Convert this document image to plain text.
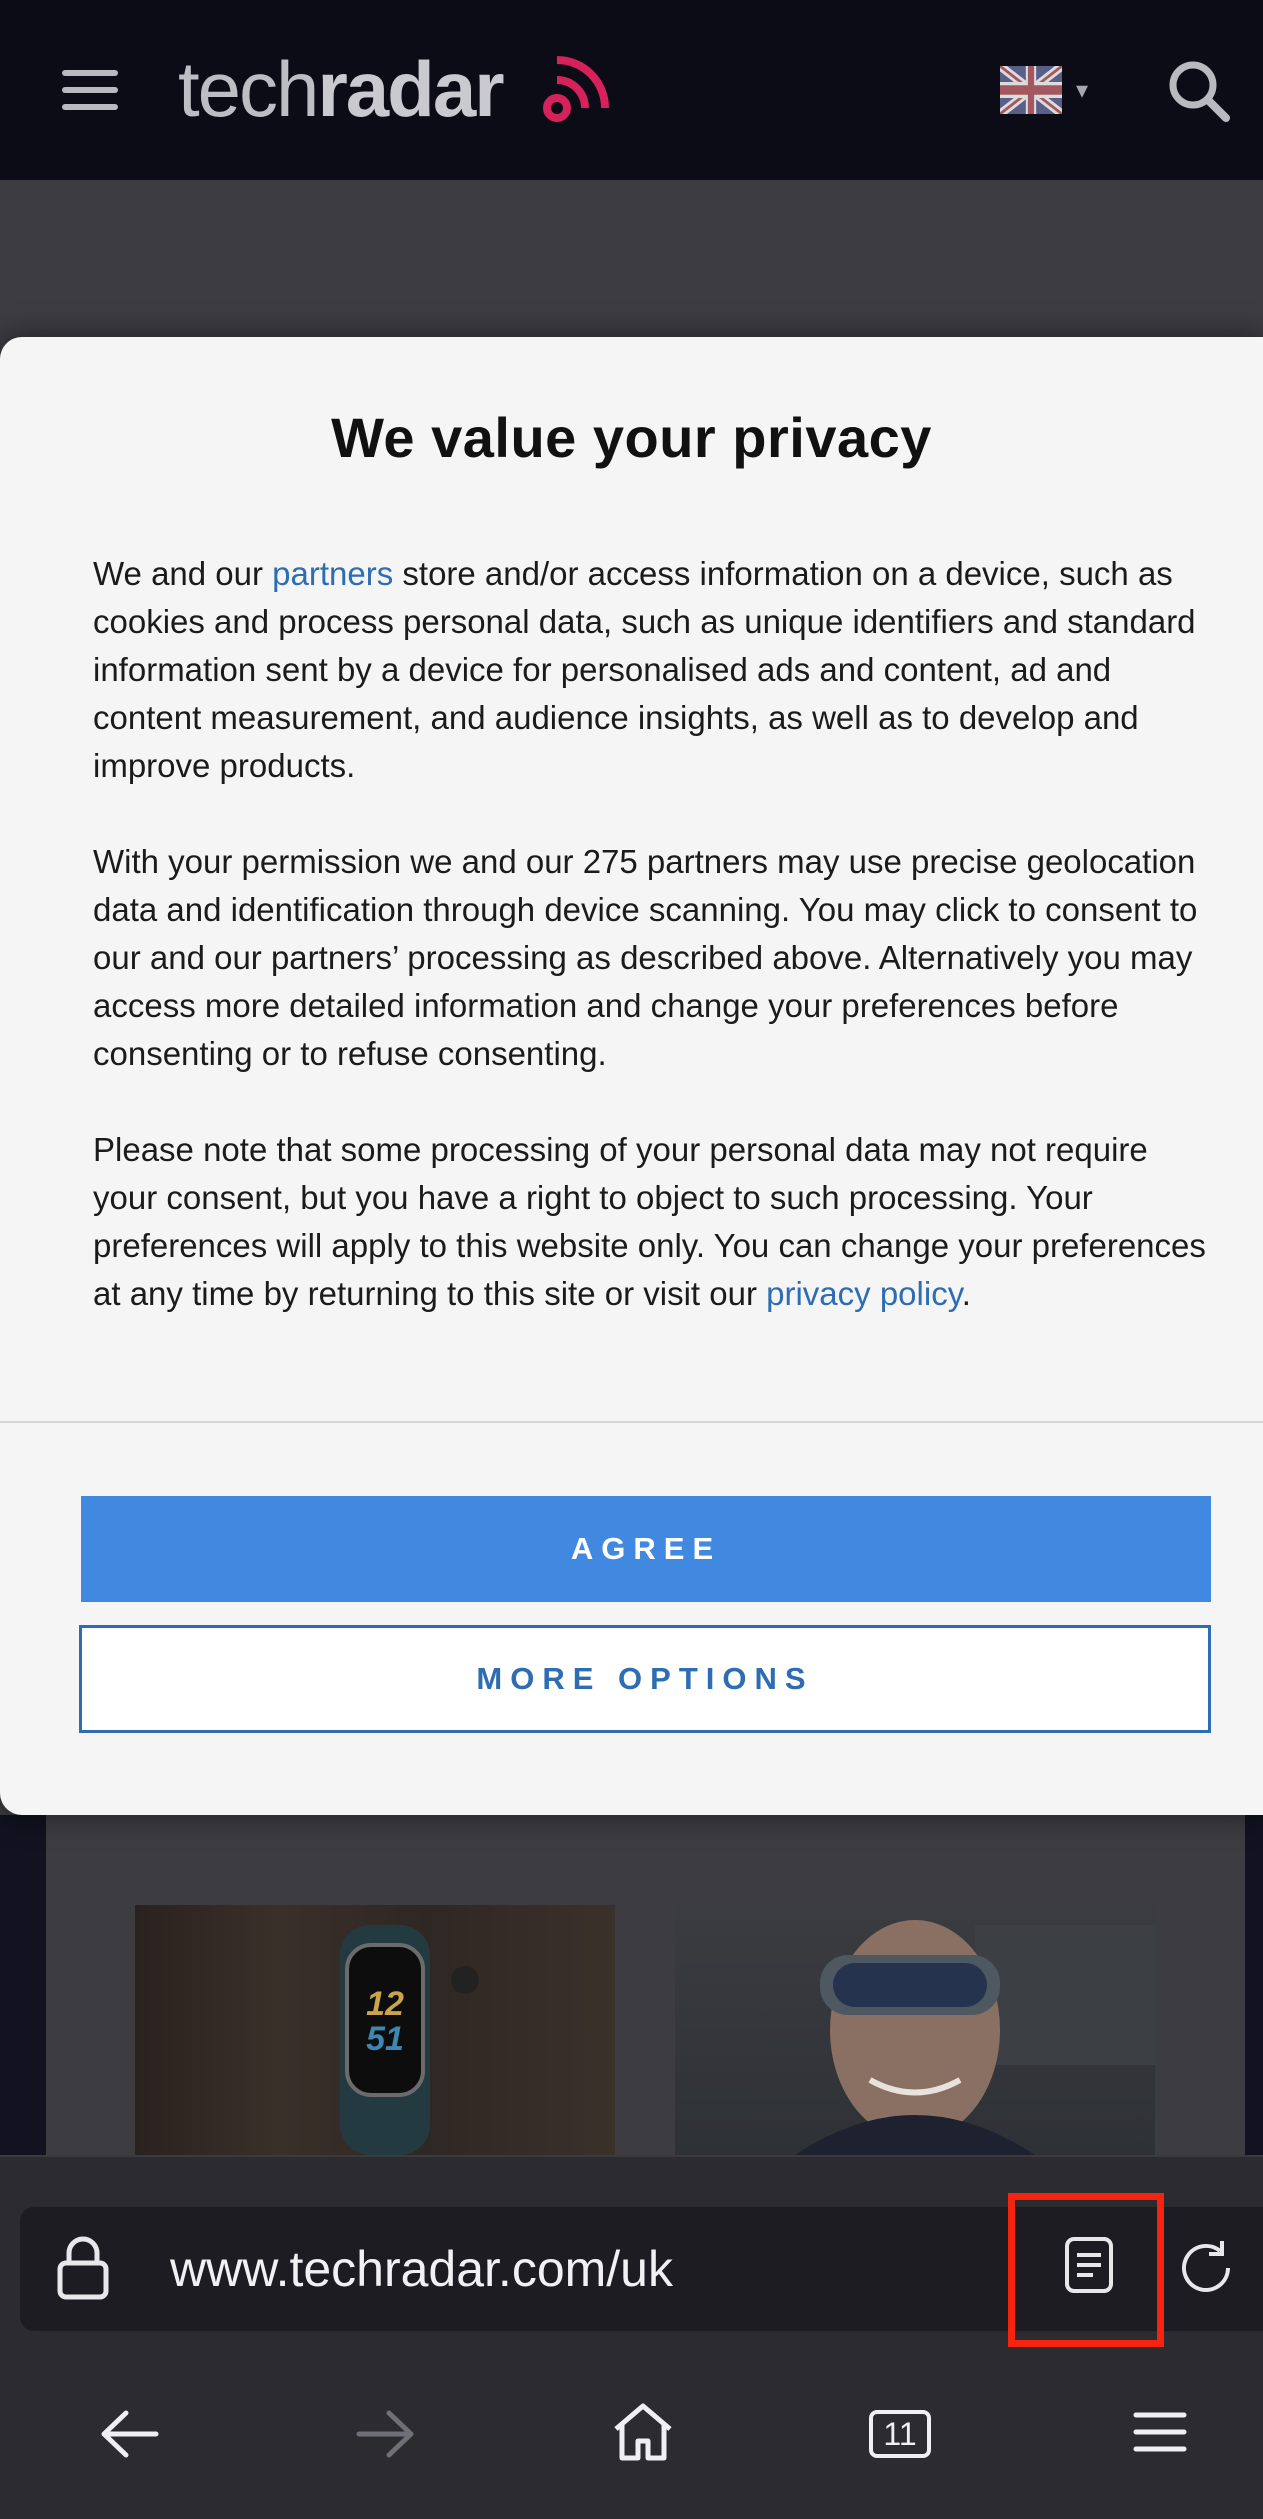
techradar	▾
12
51
We value your privacy

We and our partners store and/or access information on a device, such as cookies and process personal data, such as unique identifiers and standard information sent by a device for personalised ads and content, ad and content measurement, and audience insights, as well as to develop and improve products.

With your permission we and our 275 partners may use precise geolocation data and identification through device scanning. You may click to consent to our and our partners’ processing as described above. Alternatively you may access more detailed information and change your preferences before consenting or to refuse consenting.

Please note that some processing of your personal data may not require your consent, but you have a right to object to such processing. Your preferences will apply to this website only. You can change your preferences at any time by returning to this site or visit our privacy policy.

AGREE
MORE OPTIONS
www.techradar.com/uk
11
